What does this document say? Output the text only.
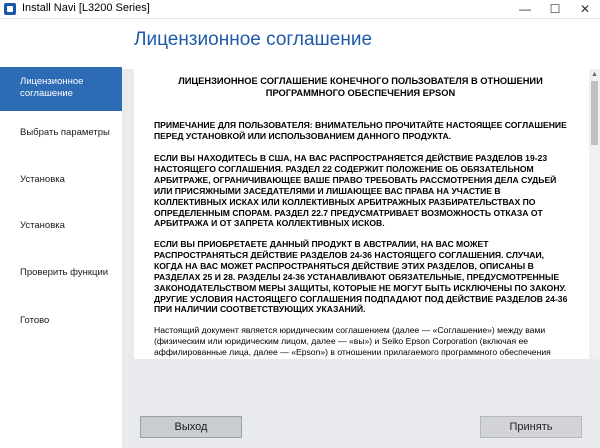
Install Navi [L3200 Series]	—	☐	✕
Лицензионное
соглашение
Выбрать параметры
Установка
Установка
Проверить функции
Готово
Лицензионное соглашение
ЛИЦЕНЗИОННОЕ СОГЛАШЕНИЕ КОНЕЧНОГО ПОЛЬЗОВАТЕЛЯ В ОТНОШЕНИИ ПРОГРАММНОГО ОБЕСПЕЧЕНИЯ EPSON
ПРИМЕЧАНИЕ ДЛЯ ПОЛЬЗОВАТЕЛЯ: ВНИМАТЕЛЬНО ПРОЧИТАЙТЕ НАСТОЯЩЕЕ СОГЛАШЕНИЕ ПЕРЕД УСТАНОВКОЙ ИЛИ ИСПОЛЬЗОВАНИЕМ ДАННОГО ПРОДУКТА.
ЕСЛИ ВЫ НАХОДИТЕСЬ В США, НА ВАС РАСПРОСТРАНЯЕТСЯ ДЕЙСТВИЕ РАЗДЕЛОВ 19-23 НАСТОЯЩЕГО СОГЛАШЕНИЯ. РАЗДЕЛ 22 СОДЕРЖИТ ПОЛОЖЕНИЕ ОБ ОБЯЗАТЕЛЬНОМ АРБИТРАЖЕ, ОГРАНИЧИВАЮЩЕЕ ВАШЕ ПРАВО ТРЕБОВАТЬ РАССМОТРЕНИЯ ДЕЛА СУДЬЕЙ ИЛИ ПРИСЯЖНЫМИ ЗАСЕДАТЕЛЯМИ И ЛИШАЮЩЕЕ ВАС ПРАВА НА УЧАСТИЕ В КОЛЛЕКТИВНЫХ ИСКАХ ИЛИ КОЛЛЕКТИВНЫХ АРБИТРАЖНЫХ РАЗБИРАТЕЛЬСТВАХ ПО ОПРЕДЕЛЕННЫМ СПОРАМ. РАЗДЕЛ 22.7 ПРЕДУСМАТРИВАЕТ ВОЗМОЖНОСТЬ ОТКАЗА ОТ АРБИТРАЖА И ОТ ЗАПРЕТА КОЛЛЕКТИВНЫХ ИСКОВ.
ЕСЛИ ВЫ ПРИОБРЕТАЕТЕ ДАННЫЙ ПРОДУКТ В АВСТРАЛИИ, НА ВАС МОЖЕТ РАСПРОСТРАНЯТЬСЯ ДЕЙСТВИЕ РАЗДЕЛОВ 24-36 НАСТОЯЩЕГО СОГЛАШЕНИЯ. СЛУЧАИ, КОГДА НА ВАС МОЖЕТ РАСПРОСТРАНЯТЬСЯ ДЕЙСТВИЕ ЭТИХ РАЗДЕЛОВ, ОПИСАНЫ В РАЗДЕЛАХ 25 И 28. РАЗДЕЛЫ 24-36 УСТАНАВЛИВАЮТ ОБЯЗАТЕЛЬНЫЕ, ПРЕДУСМОТРЕННЫЕ ЗАКОНОДАТЕЛЬСТВОМ МЕРЫ ЗАЩИТЫ, КОТОРЫЕ НЕ МОГУТ БЫТЬ ИСКЛЮЧЕНЫ ПО ЗАКОНУ. ДРУГИЕ УСЛОВИЯ НАСТОЯЩЕГО СОГЛАШЕНИЯ ПОДПАДАЮТ ПОД ДЕЙСТВИЕ РАЗДЕЛОВ 24-36 ПРИ НАЛИЧИИ СООТВЕТСТВУЮЩИХ УКАЗАНИЙ.
Настоящий документ является юридическим соглашением (далее — «Соглашение») между вами (физическим или юридическим лицом, далее — «вы») и Seiko Epson Corporation (включая ее аффилированные лица, далее — «Epson») в отношении прилагаемого программного обеспечения
▲
Выход	Принять
